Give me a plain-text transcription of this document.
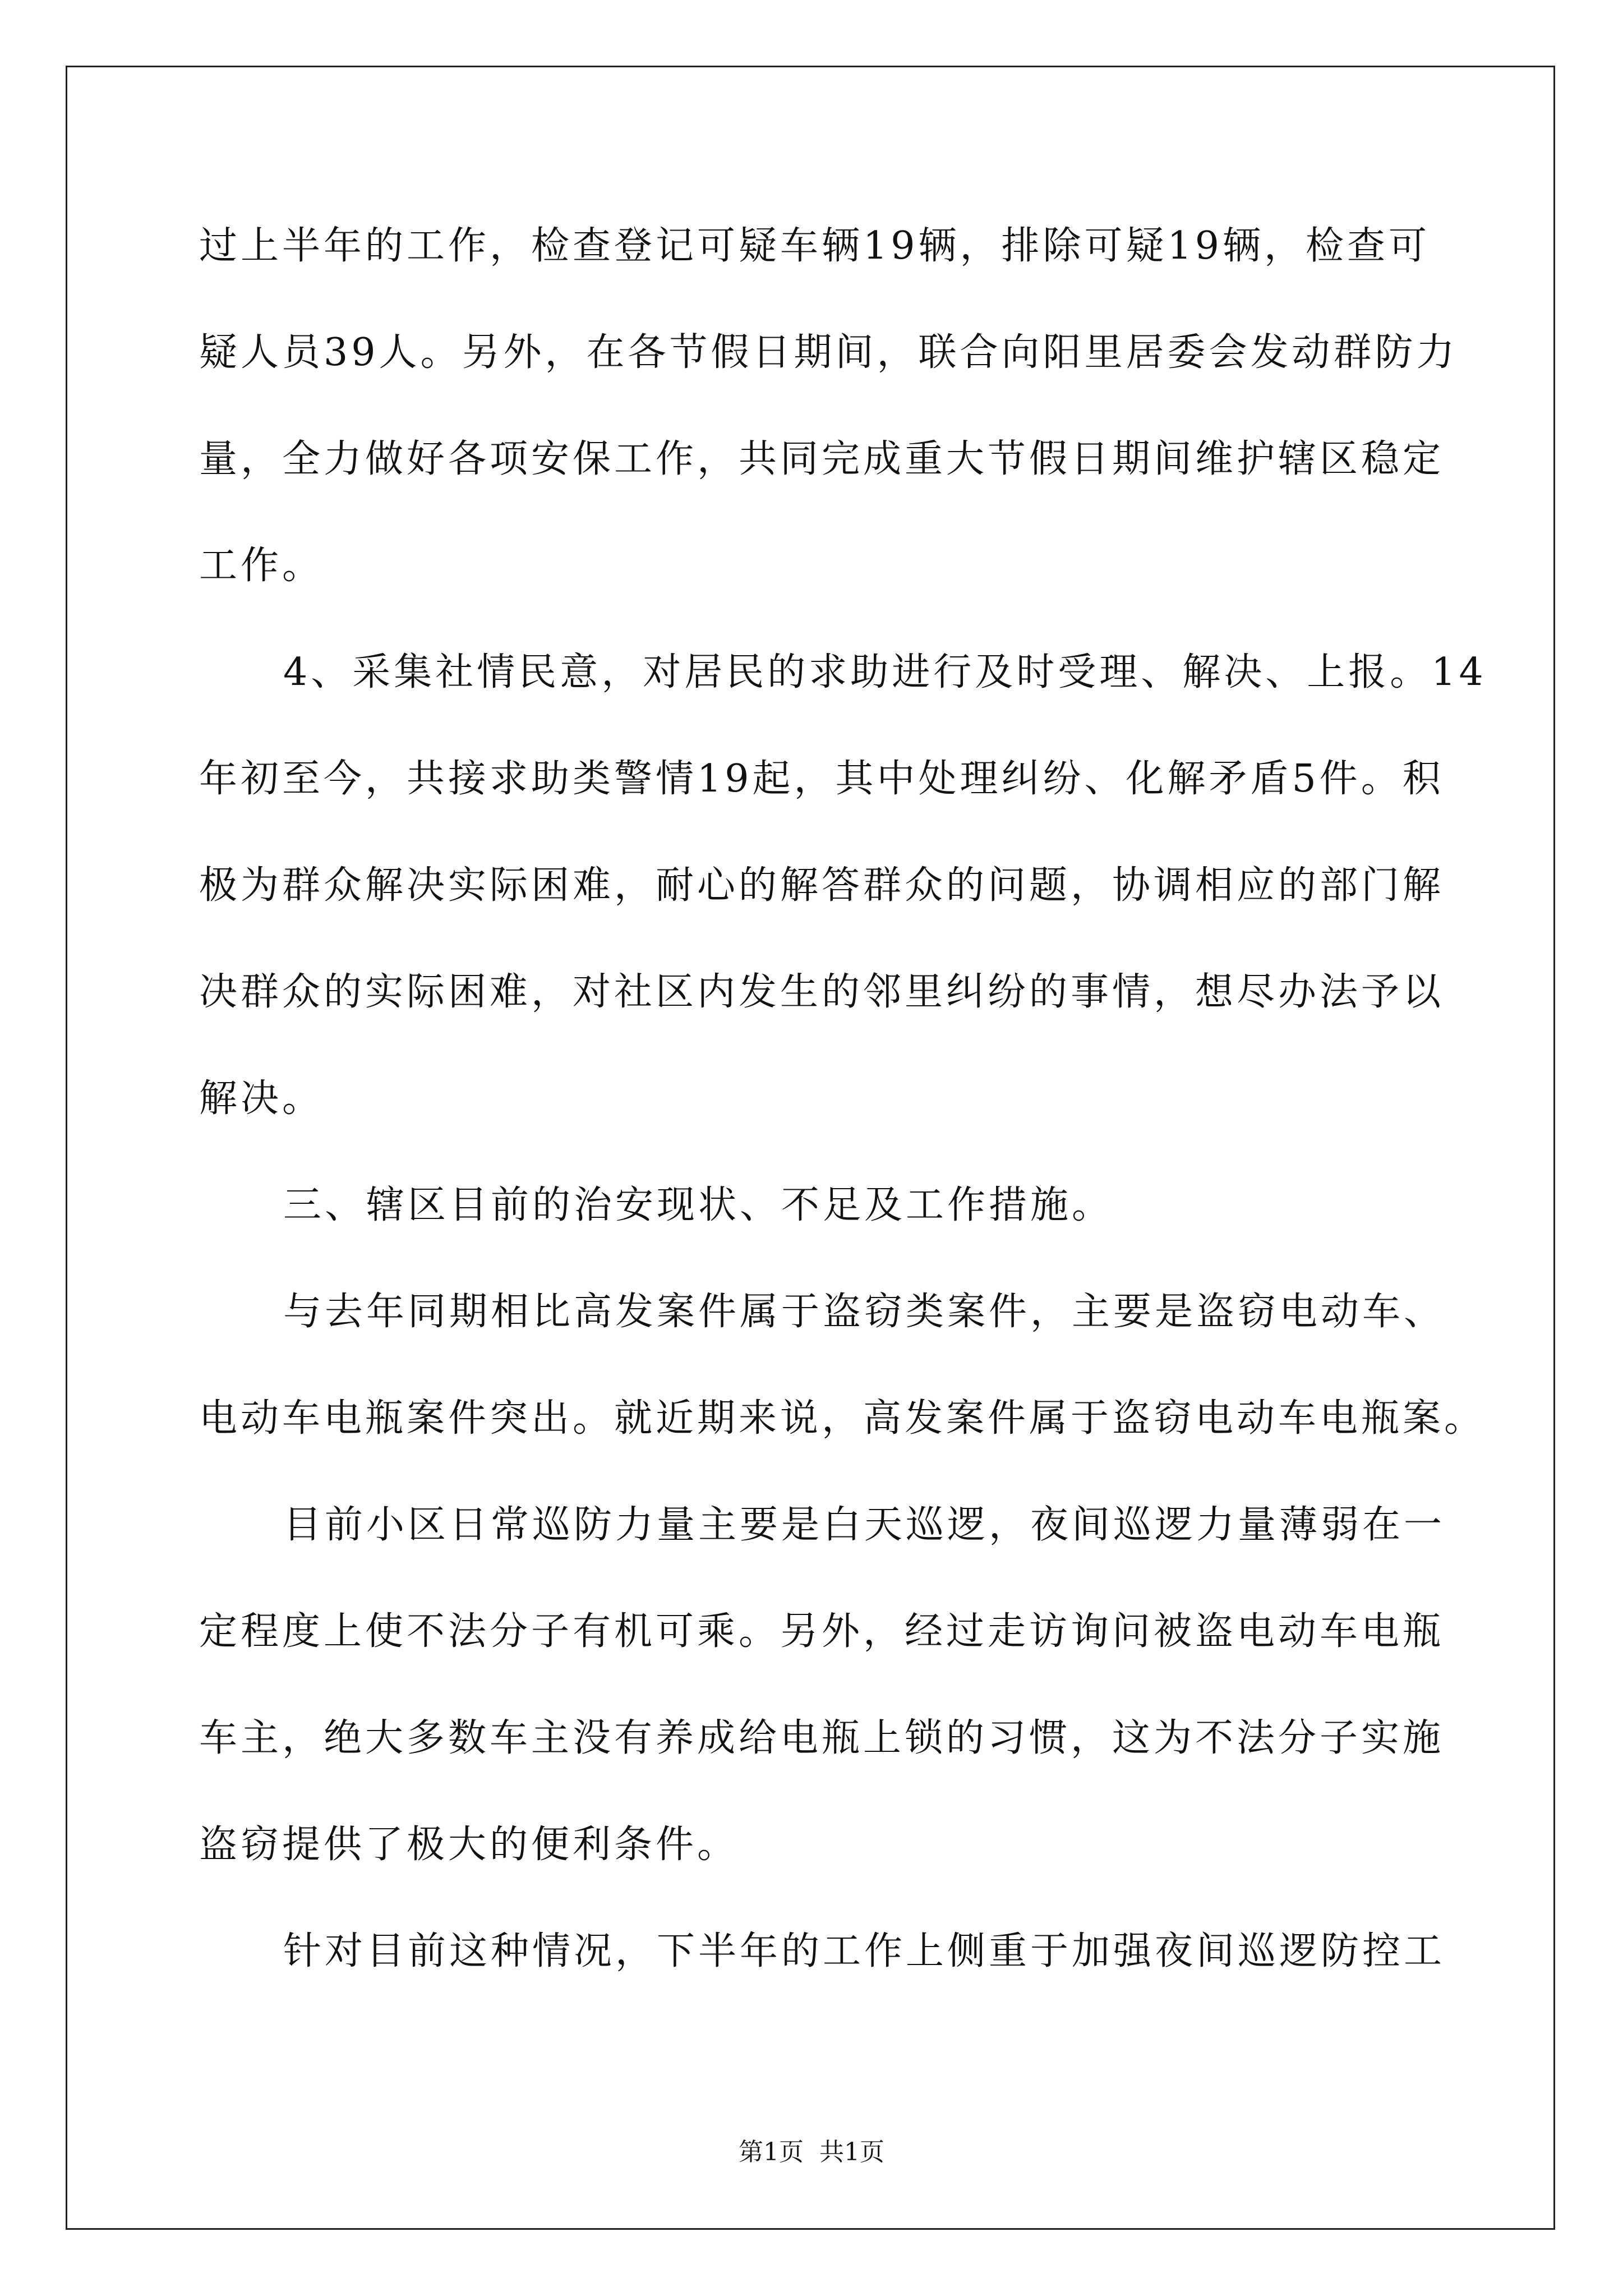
过上半年的工作，检查登记可疑车辆19辆，排除可疑19辆，检查可
疑人员39人。另外，在各节假日期间，联合向阳里居委会发动群防力
量，全力做好各项安保工作，共同完成重大节假日期间维护辖区稳定
工作。
4、采集社情民意，对居民的求助进行及时受理、解决、上报。14
年初至今，共接求助类警情19起，其中处理纠纷、化解矛盾5件。积
极为群众解决实际困难，耐心的解答群众的问题，协调相应的部门解
决群众的实际困难，对社区内发生的邻里纠纷的事情，想尽办法予以
解决。
三、辖区目前的治安现状、不足及工作措施。
与去年同期相比高发案件属于盗窃类案件，主要是盗窃电动车、
电动车电瓶案件突出。就近期来说，高发案件属于盗窃电动车电瓶案。
目前小区日常巡防力量主要是白天巡逻，夜间巡逻力量薄弱在一
定程度上使不法分子有机可乘。另外，经过走访询问被盗电动车电瓶
车主，绝大多数车主没有养成给电瓶上锁的习惯，这为不法分子实施
盗窃提供了极大的便利条件。
针对目前这种情况，下半年的工作上侧重于加强夜间巡逻防控工
第1页  共1页
